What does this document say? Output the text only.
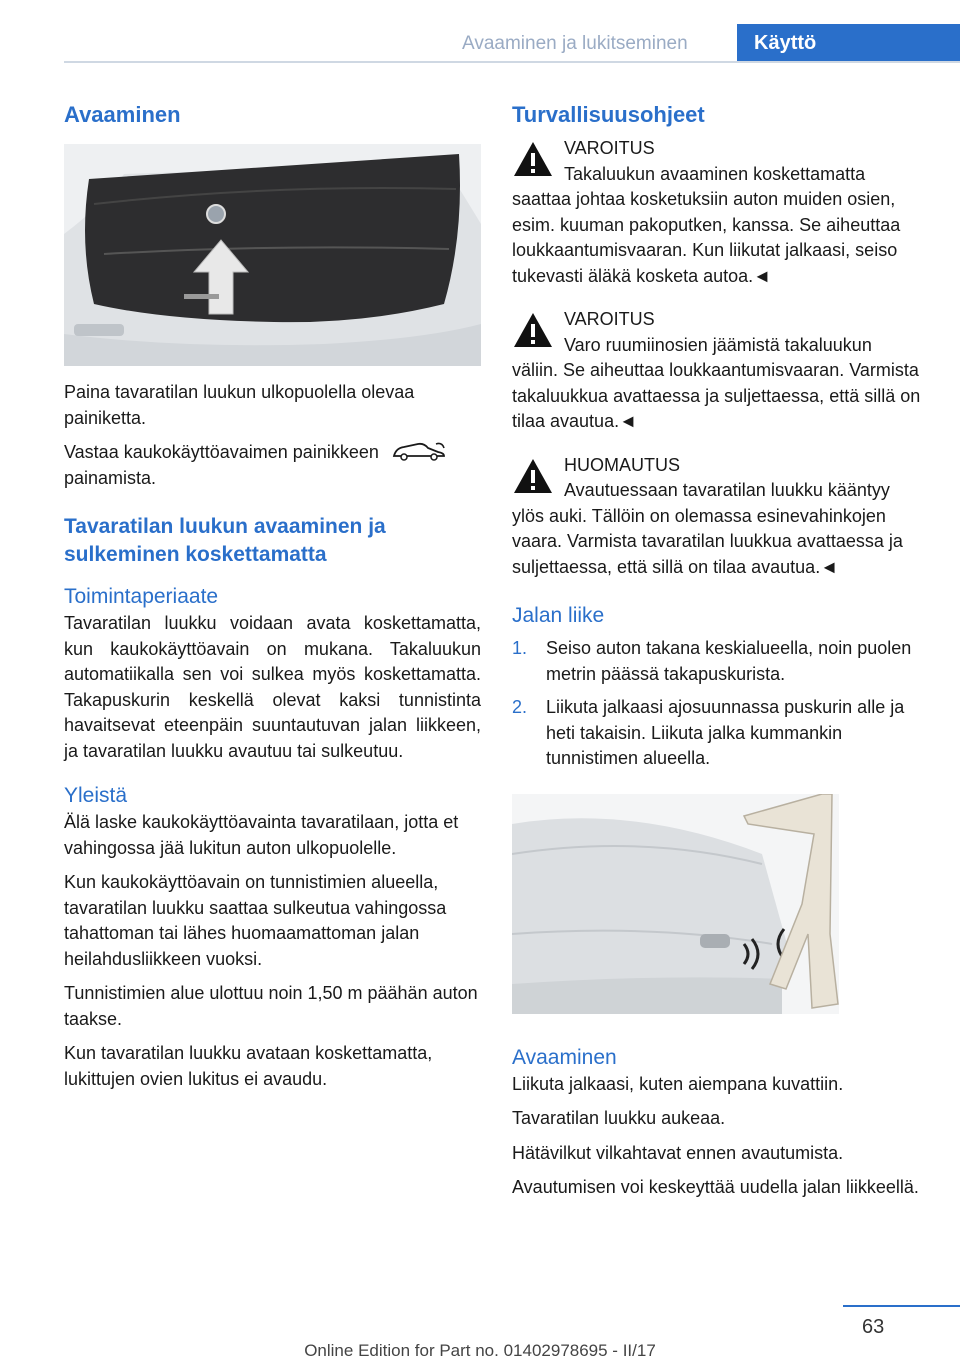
Avaaminen ja lukitseminen	Käyttö
Avaaminen

Paina tavaratilan luukun ulkopuolella olevaa painiketta.

Vastaa kaukokäyttöavaimen painikkeen
painamista.

Tavaratilan luukun avaaminen ja
sulkeminen koskettamatta
Toimintaperiaate

Tavaratilan luukku voidaan avata koskettamatta, kun kaukokäyttöavain on mukana. Takaluukun automatiikalla sen voi sulkea myös koskettamatta. Takapuskurin keskellä olevat kaksi tunnistinta havaitsevat eteenpäin suuntautuvan jalan liikkeen, ja tavaratilan luukku avautuu tai sulkeutuu.

Yleistä

Älä laske kaukokäyttöavainta tavaratilaan, jotta et vahingossa jää lukitun auton ulkopuolelle.

Kun kaukokäyttöavain on tunnistimien alueella, tavaratilan luukku saattaa sulkeutua vahingossa tahattoman tai lähes huomaamattoman jalan heilahdusliikkeen vuoksi.

Tunnistimien alue ulottuu noin 1,50 m päähän auton taakse.

Kun tavaratilan luukku avataan koskettamatta, lukittujen ovien lukitus ei avaudu.

Turvallisuusohjeet

VAROITUS

Takaluukun avaaminen koskettamatta

saattaa johtaa kosketuksiin auton muiden osien, esim. kuuman pakoputken, kanssa. Se aiheuttaa loukkaantumisvaaran. Kun liikutat jalkaasi, seiso tukevasti äläkä kosketa autoa.◄

VAROITUS

Varo ruumiinosien jäämistä takaluukun

väliin. Se aiheuttaa loukkaantumisvaaran. Varmista takaluukkua avattaessa ja suljettaessa, että sillä on tilaa avautua.◄

HUOMAUTUS

Avautuessaan tavaratilan luukku kääntyy

ylös auki. Tällöin on olemassa esinevahinkojen vaara. Varmista tavaratilan luukkua avattaessa ja suljettaessa, että sillä on tilaa avautua.◄

Jalan liike
1. Seiso auton takana keskialueella, noin puolen metrin päässä takapuskurista.
2. Liikuta jalkaasi ajosuunnassa puskurin alle ja heti takaisin. Liikuta jalka kummankin tunnistimen alueella.
Avaaminen

Liikuta jalkaasi, kuten aiempana kuvattiin.

Tavaratilan luukku aukeaa.

Hätävilkut vilkahtavat ennen avautumista.

Avautumisen voi keskeyttää uudella jalan liikkeellä.

63
Online Edition for Part no. 01402978695 - II/17
